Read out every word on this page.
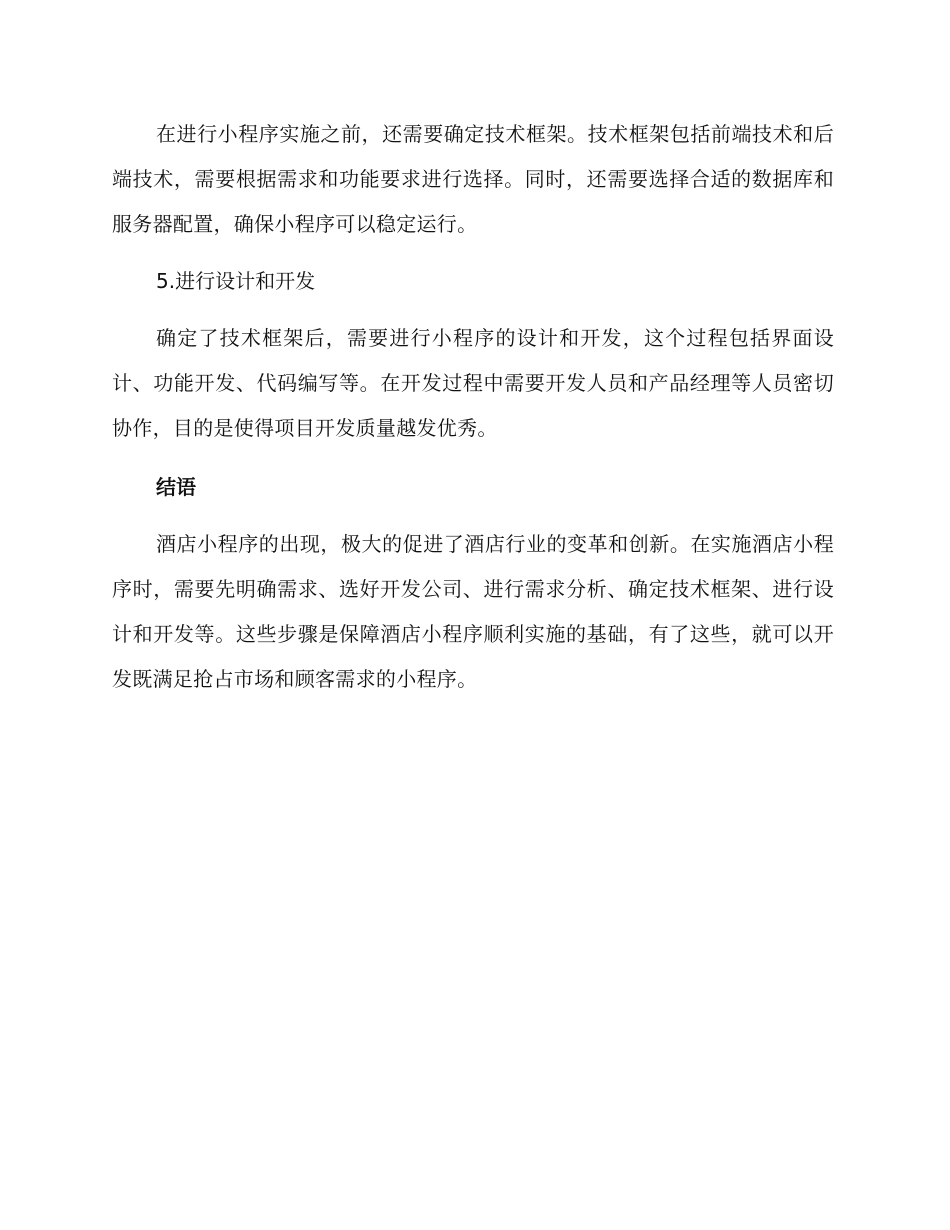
在进行小程序实施之前，还需要确定技术框架。技术框架包括前端技术和后端技术，需要根据需求和功能要求进行选择。同时，还需要选择合适的数据库和服务器配置，确保小程序可以稳定运行。

5.进行设计和开发

确定了技术框架后，需要进行小程序的设计和开发，这个过程包括界面设计、功能开发、代码编写等。在开发过程中需要开发人员和产品经理等人员密切协作，目的是使得项目开发质量越发优秀。

结语

酒店小程序的出现，极大的促进了酒店行业的变革和创新。在实施酒店小程序时，需要先明确需求、选好开发公司、进行需求分析、确定技术框架、进行设计和开发等。这些步骤是保障酒店小程序顺利实施的基础，有了这些，就可以开发既满足抢占市场和顾客需求的小程序。
